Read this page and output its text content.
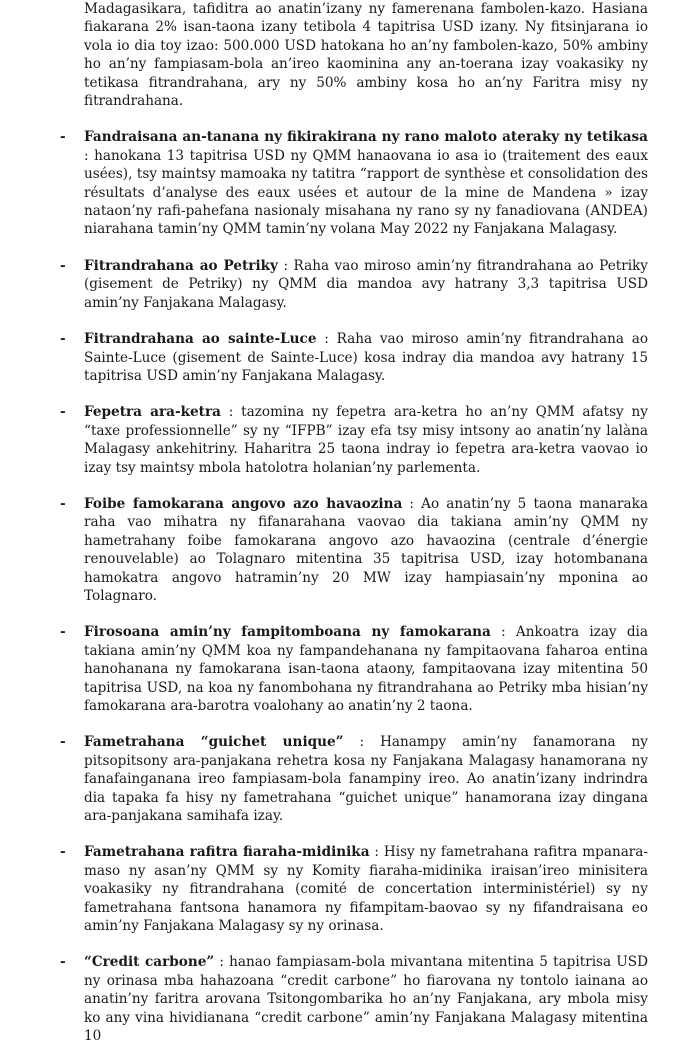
Madagasikara, tafiditra ao anatin’izany ny famerenana fambolen-kazo. Hasiana fiakarana 2% isan-taona izany tetibola 4 tapitrisa USD izany. Ny fitsinjarana io vola io dia toy izao: 500.000 USD hatokana ho an’ny fambolen-kazo, 50% ambiny ho an’ny fampiasam-bola an’ireo kaominina any an-toerana izay voakasiky ny tetikasa fitrandrahana, ary ny 50% ambiny kosa ho an’ny Faritra misy ny fitrandrahana.

- Fandraisana an-tanana ny fikirakirana ny rano maloto ateraky ny tetikasa : hanokana 13 tapitrisa USD ny QMM hanaovana io asa io (traitement des eaux usées), tsy maintsy mamoaka ny tatitra “rapport de synthèse et consolidation des résultats d’analyse des eaux usées et autour de la mine de Mandena » izay nataon’ny rafi-pahefana nasionaly misahana ny rano sy ny fanadiovana (ANDEA) niarahana tamin’ny QMM tamin’ny volana May 2022 ny Fanjakana Malagasy.
- Fitrandrahana ao Petriky : Raha vao miroso amin’ny fitrandrahana ao Petriky (gisement de Petriky) ny QMM dia mandoa avy hatrany 3,3 tapitrisa USD amin’ny Fanjakana Malagasy.
- Fitrandrahana ao sainte-Luce : Raha vao miroso amin’ny fitrandrahana ao Sainte-Luce (gisement de Sainte-Luce) kosa indray dia mandoa avy hatrany 15 tapitrisa USD amin’ny Fanjakana Malagasy.
- Fepetra ara-ketra : tazomina ny fepetra ara-ketra ho an’ny QMM afatsy ny “taxe professionnelle” sy ny “IFPB” izay efa tsy misy intsony ao anatin’ny lalàna Malagasy ankehitriny. Haharitra 25 taona indray io fepetra ara-ketra vaovao io izay tsy maintsy mbola hatolotra holanian’ny parlementa.
- Foibe famokarana angovo azo havaozina : Ao anatin’ny 5 taona manaraka raha vao mihatra ny fifanarahana vaovao dia takiana amin’ny QMM ny hametrahany foibe famokarana angovo azo havaozina (centrale d’énergie renouvelable) ao Tolagnaro mitentina 35 tapitrisa USD, izay hotombanana hamokatra angovo hatramin’ny 20 MW izay hampiasain’ny mponina ao Tolagnaro.
- Firosoana amin’ny fampitomboana ny famokarana : Ankoatra izay dia takiana amin’ny QMM koa ny fampandehanana ny fampitaovana faharoa entina hanohanana ny famokarana isan-taona ataony, fampitaovana izay mitentina 50 tapitrisa USD, na koa ny fanombohana ny fitrandrahana ao Petriky mba hisian’ny famokarana ara-barotra voalohany ao anatin’ny 2 taona.
- Fametrahana “guichet unique” : Hanampy amin’ny fanamorana ny pitsopitsony ara-panjakana rehetra kosa ny Fanjakana Malagasy hanamorana ny fanafainganana ireo fampiasam-bola fanampiny ireo. Ao anatin’izany indrindra dia tapaka fa hisy ny fametrahana “guichet unique” hanamorana izay dingana ara-panjakana samihafa izay.
- Fametrahana rafitra fiaraha-midinika : Hisy ny fametrahana rafitra mpanara-maso ny asan’ny QMM sy ny Komity fiaraha-midinika iraisan’ireo minisitera voakasiky ny fitrandrahana (comité de concertation interministériel) sy ny fametrahana fantsona hanamora ny fifampitam-baovao sy ny fifandraisana eo amin’ny Fanjakana Malagasy sy ny orinasa.
- “Credit carbone” : hanao fampiasam-bola mivantana mitentina 5 tapitrisa USD ny orinasa mba hahazoana “credit carbone” ho fiarovana ny tontolo iainana ao anatin’ny faritra arovana Tsitongombarika ho an’ny Fanjakana, ary mbola misy ko any vina hividianana “credit carbone” amin’ny Fanjakana Malagasy mitentina 10
